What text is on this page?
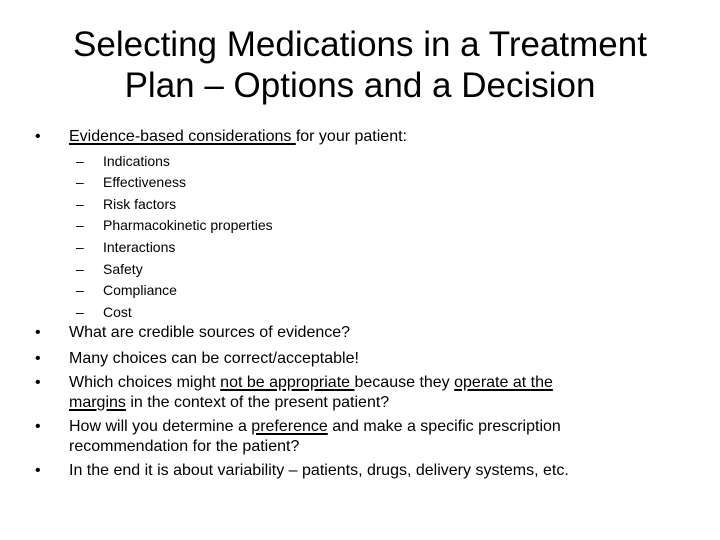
Selecting Medications in a Treatment
Plan – Options and a Decision
• Evidence-based considerations for your patient:
– Indications
– Effectiveness
– Risk factors
– Pharmacokinetic properties
– Interactions
– Safety
– Compliance
– Cost
• What are credible sources of evidence?
• Many choices can be correct/acceptable!
• Which choices might not be appropriate because they operate at the
margins in the context of the present patient?
• How will you determine a preference and make a specific prescription
recommendation for the patient?
• In the end it is about variability – patients, drugs, delivery systems, etc.
